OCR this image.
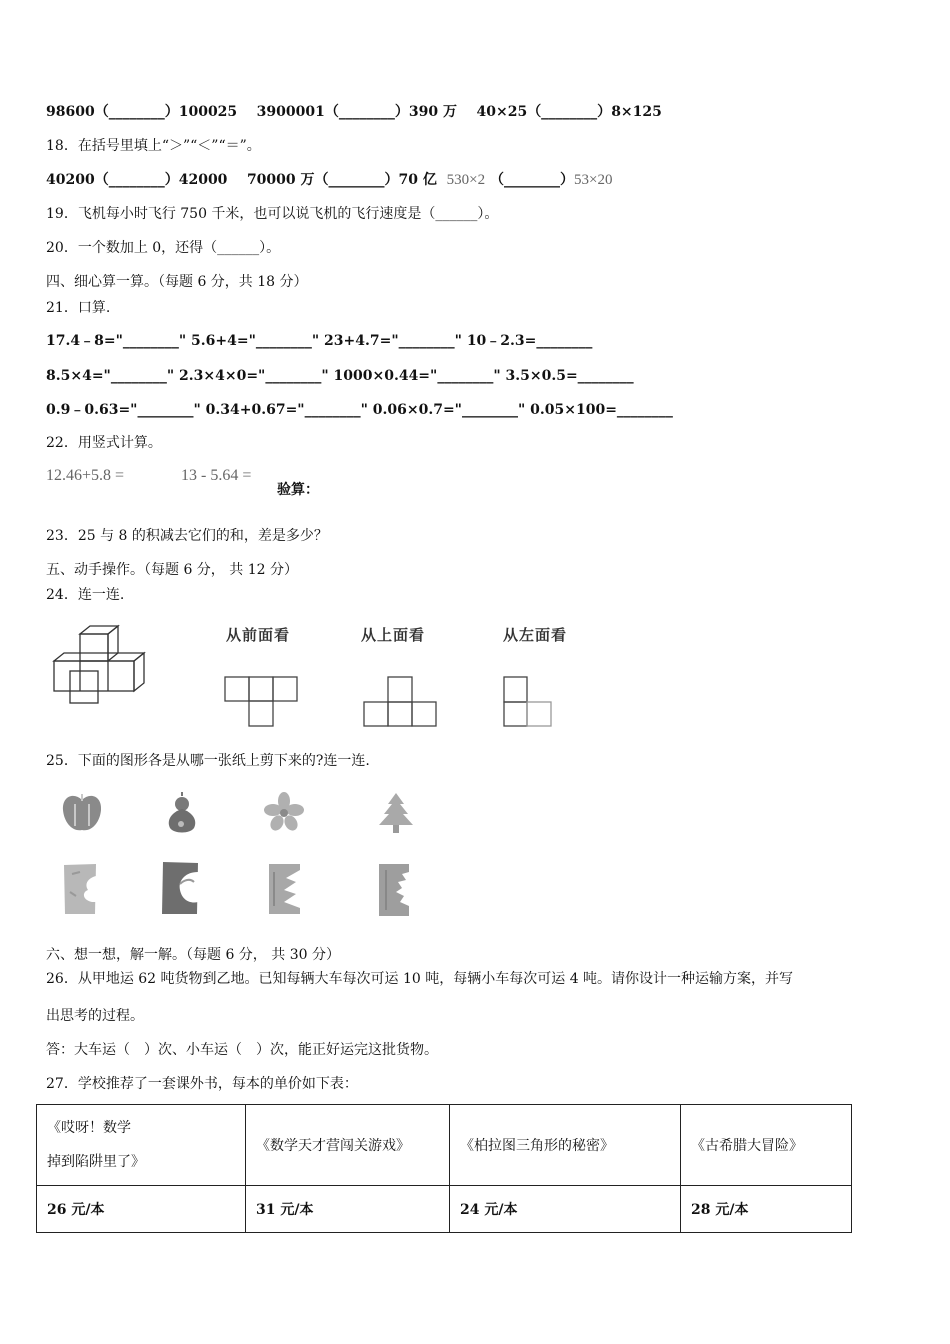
98600（________）100025 3900001（________）390 万 40×25（________）8×125
18．在括号里填上“＞”“＜”“＝”。
40200（________）42000 70000 万（________）70 亿 530×2 （________）53×20
19．飞机每小时飞行 750 千米，也可以说飞机的飞行速度是（______）。
20．一个数加上 0，还得（______）。
四、细心算一算。（每题 6 分，共 18 分）
21．口算.
17.4﹣8="________" 5.6+4="________" 23+4.7="________" 10﹣2.3=________
8.5×4="________" 2.3×4×0="________" 1000×0.44="________" 3.5×0.5=________
0.9﹣0.63="________" 0.34+0.67="________" 0.06×0.7="________" 0.05×100=________
22．用竖式计算。
12.46+5.8 =	13 - 5.64 =
验算：
23．25 与 8 的积减去它们的和，差是多少？
五、动手操作。（每题 6 分， 共 12 分）
24．连一连.
从前面看	从上面看	从左面看
25．下面的图形各是从哪一张纸上剪下来的?连一连.
六、想一想，解一解。（每题 6 分， 共 30 分）
26．从甲地运 62 吨货物到乙地。已知每辆大车每次可运 10 吨，每辆小车每次可运 4 吨。请你设计一种运输方案，并写
出思考的过程。
答：大车运（　）次、小车运（　）次，能正好运完这批货物。
27．学校推荐了一套课外书，每本的单价如下表：
《哎呀！数学
掉到陷阱里了》	《数学天才营闯关游戏》	《柏拉图三角形的秘密》	《古希腊大冒险》
26 元/本	31 元/本	24 元/本	28 元/本
